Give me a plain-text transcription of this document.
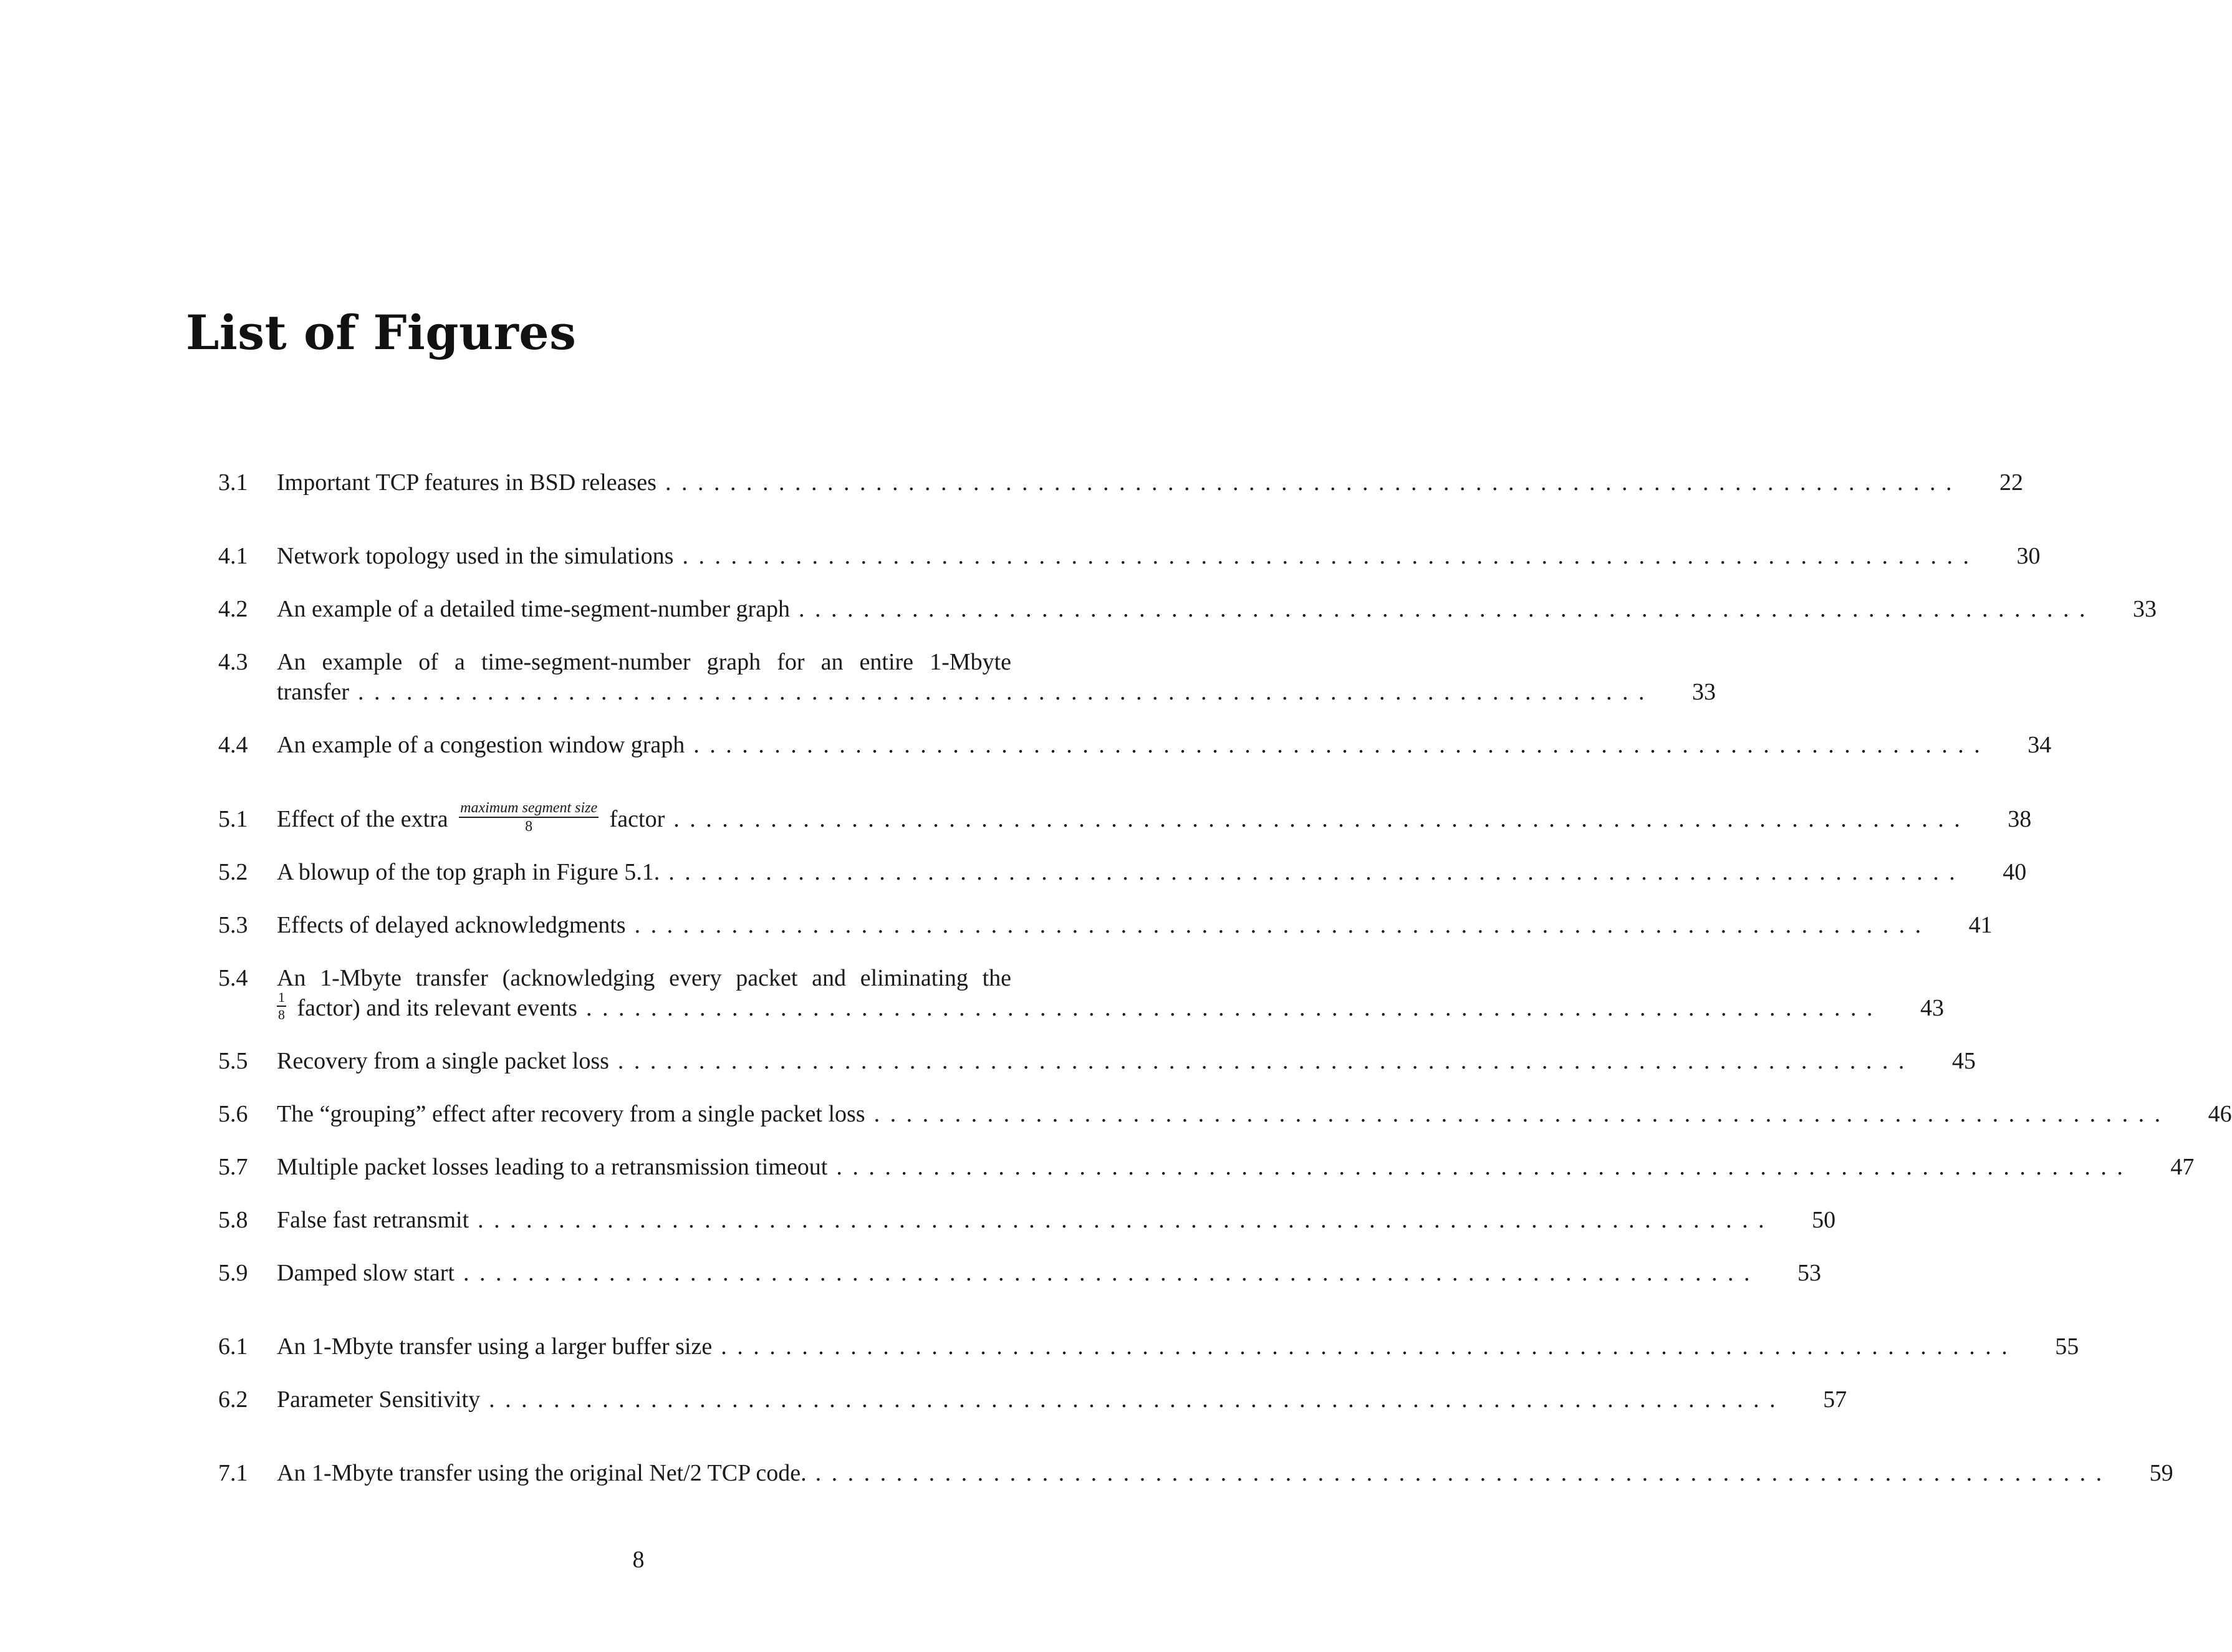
List of Figures
3.1	Important TCP features in BSD releases ................................................................................	22
4.1	Network topology used in the simulations ................................................................................	30
4.2	An example of a detailed time-segment-number graph ................................................................................	33
4.3	An example of a time-segment-number graph for an entire 1-Mbyte
transfer ................................................................................	33
4.4	An example of a congestion window graph ................................................................................	34
5.1	Effect of the extra $\frac{\text{maximum segment size}}{8}$ factor ................................................................................	38
5.2	A blowup of the top graph in Figure 5.1. ................................................................................	40
5.3	Effects of delayed acknowledgments ................................................................................	41
5.4	An 1-Mbyte transfer (acknowledging every packet and eliminating the
$\frac{1}{8}$ factor) and its relevant events ................................................................................	43
5.5	Recovery from a single packet loss ................................................................................	45
5.6	The “grouping” effect after recovery from a single packet loss ................................................................................	46
5.7	Multiple packet losses leading to a retransmission timeout ................................................................................	47
5.8	False fast retransmit ................................................................................	50
5.9	Damped slow start ................................................................................	53
6.1	An 1-Mbyte transfer using a larger buffer size ................................................................................	55
6.2	Parameter Sensitivity ................................................................................	57
7.1	An 1-Mbyte transfer using the original Net/2 TCP code. ................................................................................	59
8
